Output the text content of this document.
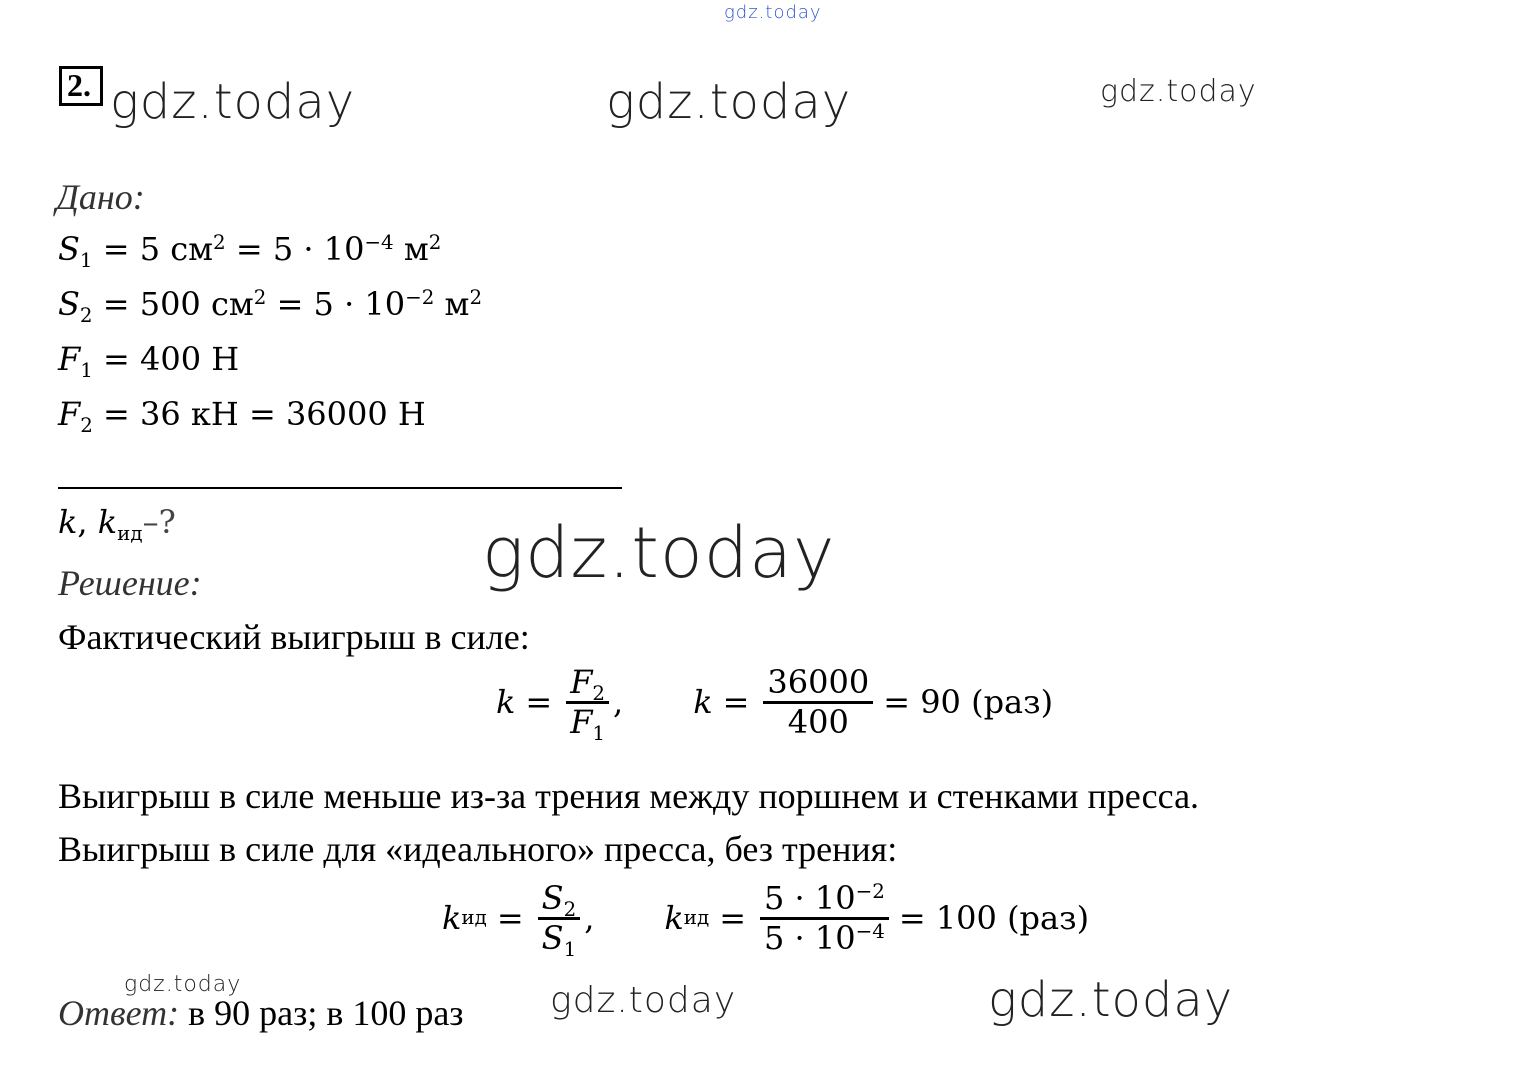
gdz.today
2. gdz.today	gdz.today	gdz.today
Дано:
$S_1 = 5$ $см^2 = 5 \cdot 10^{-4}$ $м^2$
$S_2 = 500$ $см^2 = 5 \cdot 10^{-2}$ $м^2$
$F_1 = 400$ Н
$F_2 = 36$ кН = 36000 Н
k, $k_{ид}-$?	gdz.today
Решение:
Фактический выигрыш в силе:
$k = \frac{F_2}{F_1}$ , $k = \frac{36000}{400} = 90$ (раз)
Выигрыш в силе меньше из-за трения между поршнем и стенками пресса.
Выигрыш в силе для «идеального» пресса, без трения:
k ид = $\frac{S_2}{S_1}$ , k ид = $\frac{5 \cdot 10^{-2}}{5 \cdot 10^{-4}} = 100$ (раз)
gdz.today	gdz.today	gdz.today
Ответ: в 90 раз; в 100 раз
